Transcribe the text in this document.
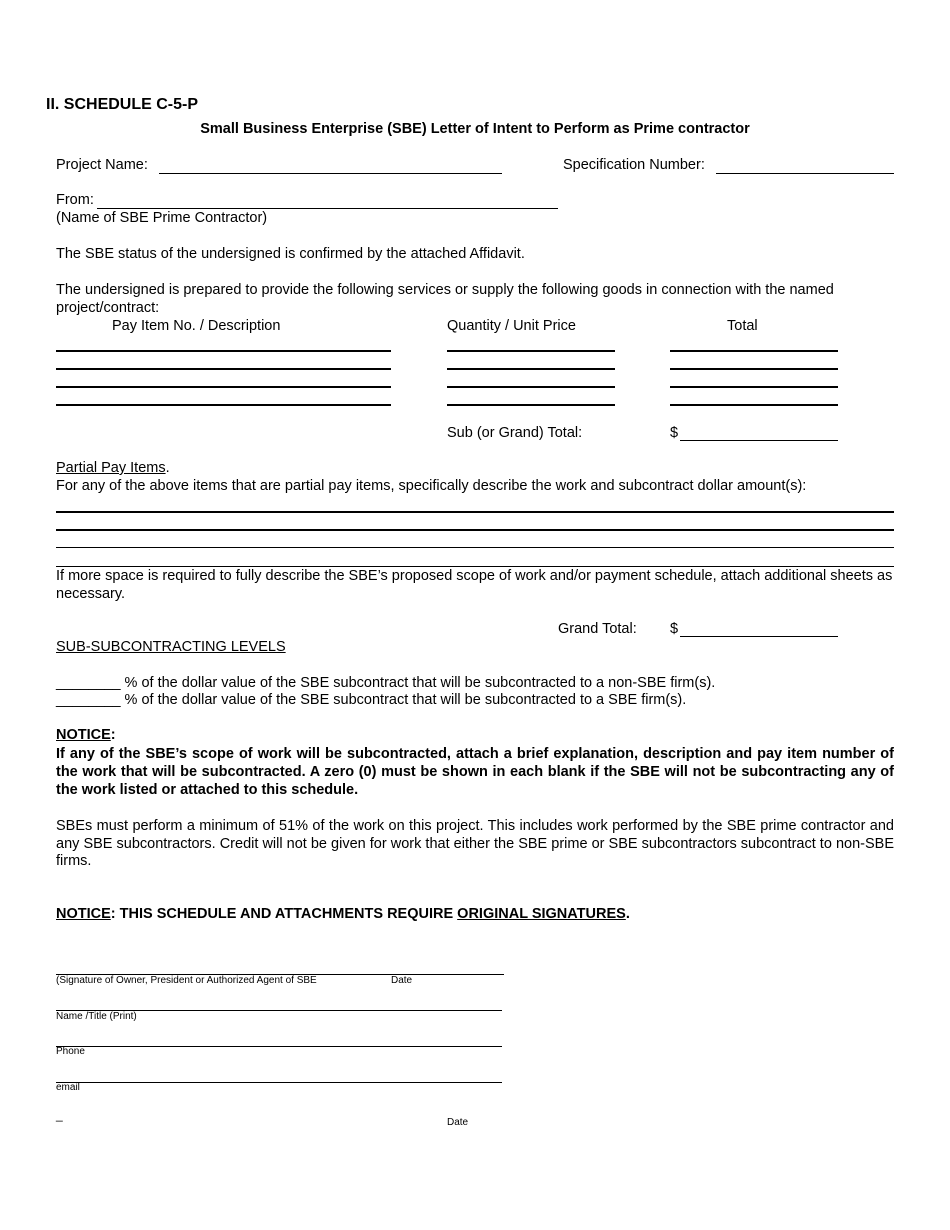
II. SCHEDULE C-5-P
Small Business Enterprise (SBE) Letter of Intent to Perform as Prime contractor
Project Name:	Specification Number:
From:
(Name of SBE Prime Contractor)
The SBE status of the undersigned is confirmed by the attached Affidavit.
The undersigned is prepared to provide the following services or supply the following goods in connection with the named project/contract:
Pay Item No. / Description	Quantity / Unit Price	Total
Sub (or Grand) Total:	$
Partial Pay Items.
For any of the above items that are partial pay items, specifically describe the work and subcontract dollar amount(s):
If more space is required to fully describe the SBE’s proposed scope of work and/or payment schedule, attach additional sheets as necessary.
Grand Total: $
SUB-SUBCONTRACTING LEVELS
________ % of the dollar value of the SBE subcontract that will be subcontracted to a non-SBE firm(s).
________ % of the dollar value of the SBE subcontract that will be subcontracted to a SBE firm(s).
NOTICE:
If any of the SBE’s scope of work will be subcontracted, attach a brief explanation, description and pay item number of the work that will be subcontracted. A zero (0) must be shown in each blank if the SBE will not be subcontracting any of the work listed or attached to this schedule.
SBEs must perform a minimum of 51% of the work on this project. This includes work performed by the SBE prime contractor and any SBE subcontractors. Credit will not be given for work that either the SBE prime or SBE subcontractors subcontract to non-SBE firms.
NOTICE: THIS SCHEDULE AND ATTACHMENTS REQUIRE ORIGINAL SIGNATURES.
(Signature of Owner, President or Authorized Agent of SBE	Date
Name /Title (Print)
Phone
email
_
Date
